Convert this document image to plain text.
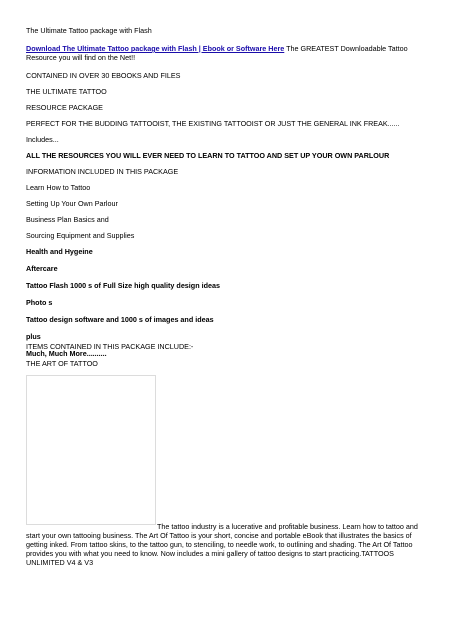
The Ultimate Tattoo package with Flash

Download The Ultimate Tattoo package with Flash | Ebook or Software Here The GREATEST Downloadable Tattoo Resource you will find on the Net!!

CONTAINED IN OVER 30 EBOOKS AND FILES

THE ULTIMATE TATTOO

RESOURCE PACKAGE

PERFECT FOR THE BUDDING TATTOOIST, THE EXISTING TATTOOIST OR JUST THE GENERAL INK FREAK......

Includes...

ALL THE RESOURCES YOU WILL EVER NEED TO LEARN TO TATTOO AND SET UP YOUR OWN PARLOUR

INFORMATION INCLUDED IN THIS PACKAGE

Learn How to Tattoo

Setting Up Your Own Parlour

Business Plan Basics and

Sourcing Equipment and Supplies

Health and Hygeine

Aftercare

Tattoo Flash 1000 s of Full Size high quality design ideas

Photo s

Tattoo design software and 1000 s of images and ideas

plus

Much, Much More..........

ITEMS CONTAINED IN THIS PACKAGE INCLUDE:-

THE ART OF TATTOO

The tattoo industry is a lucerative and profitable business. Learn how to tattoo and start your own tattooing business. The Art Of Tattoo is your short, concise and portable eBook that illustrates the basics of getting inked. From tattoo skins, to the tattoo gun, to stenciling, to needle work, to outlining and shading. The Art Of Tattoo provides you with what you need to know. Now includes a mini gallery of tattoo designs to start practicing.TATTOOS UNLIMITED V4 & V3
